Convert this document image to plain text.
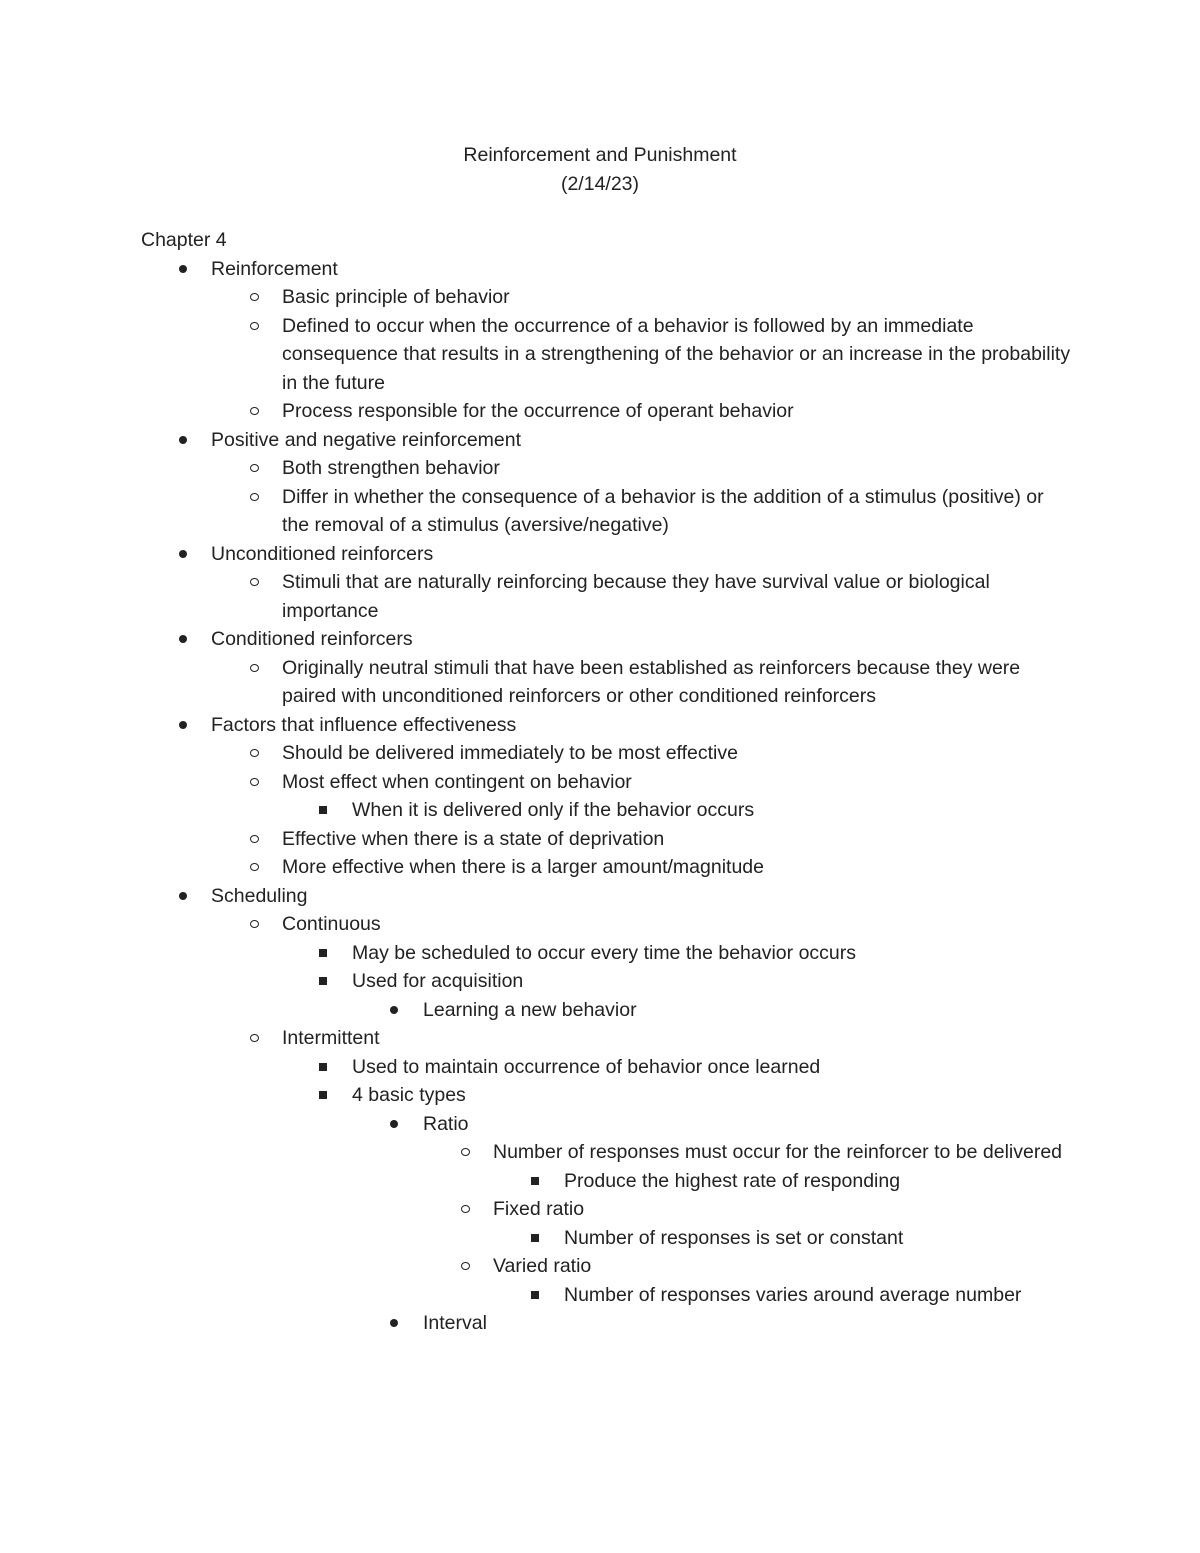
Reinforcement and Punishment
(2/14/23)
Chapter 4
Reinforcement
Basic principle of behavior
Defined to occur when the occurrence of a behavior is followed by an immediate consequence that results in a strengthening of the behavior or an increase in the probability in the future
Process responsible for the occurrence of operant behavior
Positive and negative reinforcement
Both strengthen behavior
Differ in whether the consequence of a behavior is the addition of a stimulus (positive) or the removal of a stimulus (aversive/negative)
Unconditioned reinforcers
Stimuli that are naturally reinforcing because they have survival value or biological importance
Conditioned reinforcers
Originally neutral stimuli that have been established as reinforcers because they were paired with unconditioned reinforcers or other conditioned reinforcers
Factors that influence effectiveness
Should be delivered immediately to be most effective
Most effect when contingent on behavior
When it is delivered only if the behavior occurs
Effective when there is a state of deprivation
More effective when there is a larger amount/magnitude
Scheduling
Continuous
May be scheduled to occur every time the behavior occurs
Used for acquisition
Learning a new behavior
Intermittent
Used to maintain occurrence of behavior once learned
4 basic types
Ratio
Number of responses must occur for the reinforcer to be delivered
Produce the highest rate of responding
Fixed ratio
Number of responses is set or constant
Varied ratio
Number of responses varies around average number
Interval
